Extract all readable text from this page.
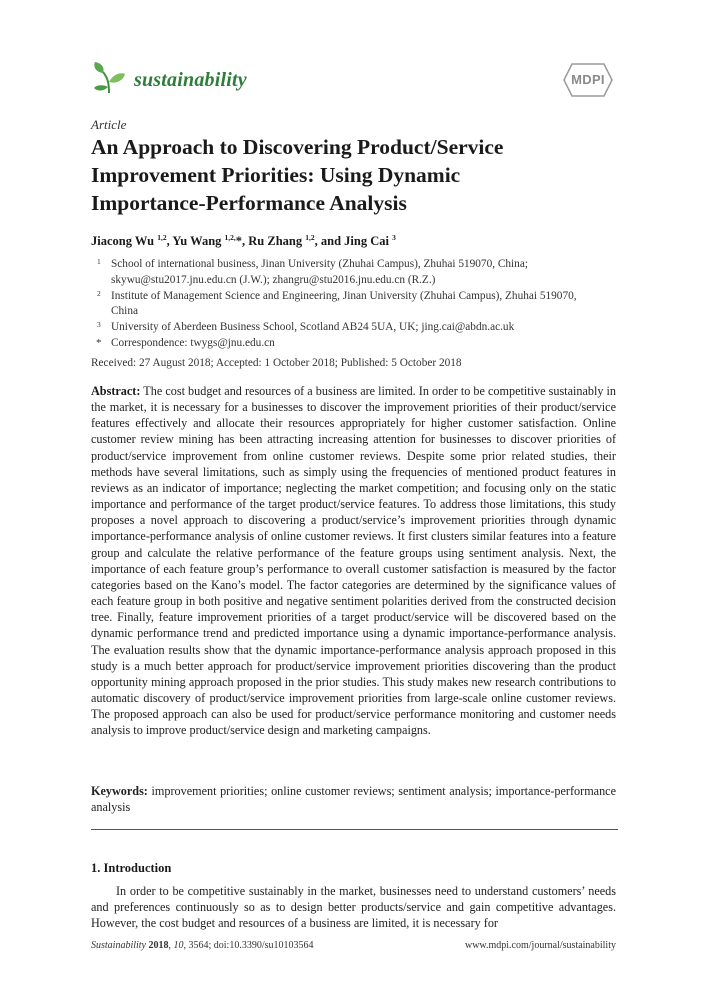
sustainability	MDPI
Article
An Approach to Discovering Product/Service
Improvement Priorities: Using Dynamic
Importance-Performance Analysis
Jiacong Wu $^{1,2}$, Yu Wang $^{1,2,}$*, Ru Zhang $^{1,2}$, and Jing Cai $^3$
1 School of international business, Jinan University (Zhuhai Campus), Zhuhai 519070, China;
skywu@stu2017.jnu.edu.cn (J.W.); zhangru@stu2016.jnu.edu.cn (R.Z.)
2 Institute of Management Science and Engineering, Jinan University (Zhuhai Campus), Zhuhai 519070,
China
3 University of Aberdeen Business School, Scotland AB24 5UA, UK; jing.cai@abdn.ac.uk
* Correspondence: twygs@jnu.edu.cn
Received: 27 August 2018; Accepted: 1 October 2018; Published: 5 October 2018
Abstract: The cost budget and resources of a business are limited. In order to be competitive sustainably in the market, it is necessary for a businesses to discover the improvement priorities of their product/service features effectively and allocate their resources appropriately for higher customer satisfaction. Online customer review mining has been attracting increasing attention for businesses to discover priorities of product/service improvement from online customer reviews. Despite some prior related studies, their methods have several limitations, such as simply using the frequencies of mentioned product features in reviews as an indicator of importance; neglecting the market competition; and focusing only on the static importance and performance of the target product/service features. To address those limitations, this study proposes a novel approach to discovering a product/service’s improvement priorities through dynamic importance-performance analysis of online customer reviews. It first clusters similar features into a feature group and calculate the relative performance of the feature groups using sentiment analysis. Next, the importance of each feature group’s performance to overall customer satisfaction is measured by the factor categories based on the Kano’s model. The factor categories are determined by the significance values of each feature group in both positive and negative sentiment polarities derived from the constructed decision tree. Finally, feature improvement priorities of a target product/service will be discovered based on the dynamic performance trend and predicted importance using a dynamic importance-performance analysis. The evaluation results show that the dynamic importance-performance analysis approach proposed in this study is a much better approach for product/service improvement priorities discovering than the product opportunity mining approach proposed in the prior studies. This study makes new research contributions to automatic discovery of product/service improvement priorities from large-scale online customer reviews. The proposed approach can also be used for product/service performance monitoring and customer needs analysis to improve product/service design and marketing campaigns.
Keywords: improvement priorities; online customer reviews; sentiment analysis; importance-performance analysis
1. Introduction
In order to be competitive sustainably in the market, businesses need to understand customers’ needs and preferences continuously so as to design better products/service and gain competitive advantages. However, the cost budget and resources of a business are limited, it is necessary for
Sustainability 2018, 10, 3564; doi:10.3390/su10103564	www.mdpi.com/journal/sustainability
